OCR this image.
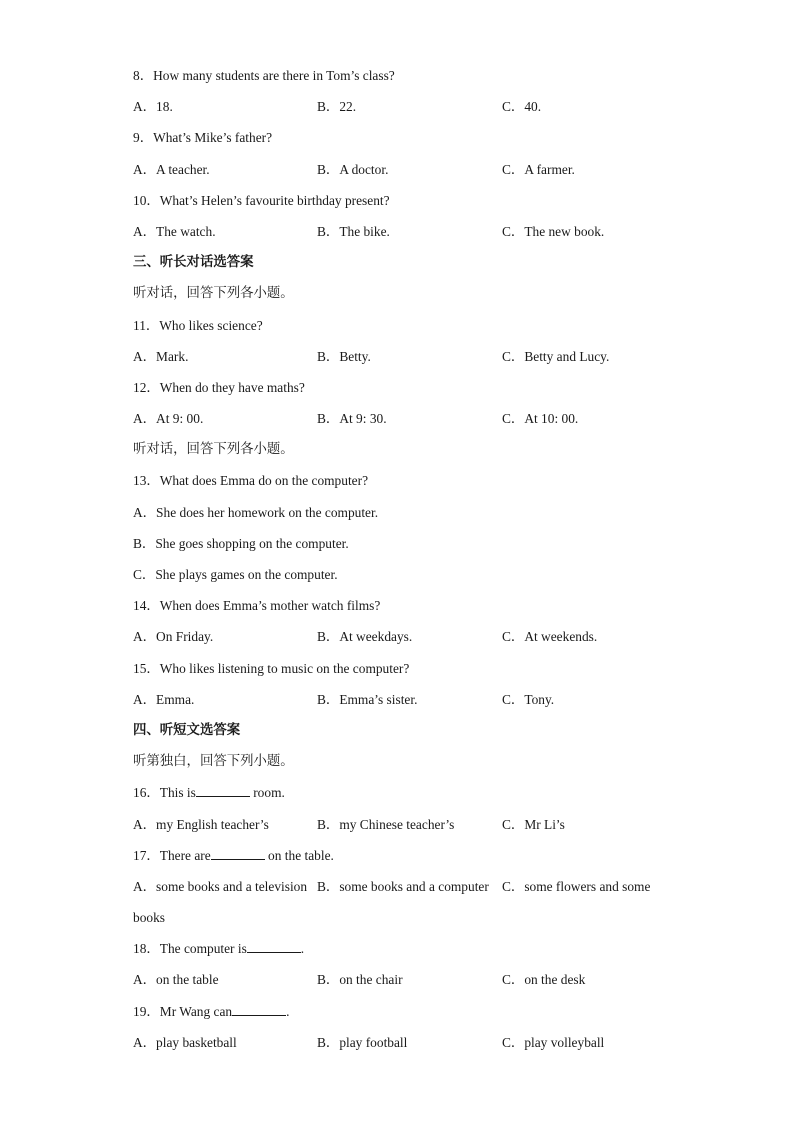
8．How many students are there in Tom’s class?
A．18.	B．22.	C．40.
9．What’s Mike’s father?
A．A teacher.	B．A doctor.	C．A farmer.
10．What’s Helen’s favourite birthday present?
A．The watch.	B．The bike.	C．The new book.
三、听长对话选答案
听对话，回答下列各小题。
11．Who likes science?
A．Mark.	B．Betty.	C．Betty and Lucy.
12．When do they have maths?
A．At 9: 00.	B．At 9: 30.	C．At 10: 00.
听对话，回答下列各小题。
13．What does Emma do on the computer?
A．She does her homework on the computer.
B．She goes shopping on the computer.
C．She plays games on the computer.
14．When does Emma’s mother watch films?
A．On Friday.	B．At weekdays.	C．At weekends.
15．Who likes listening to music on the computer?
A．Emma.	B．Emma’s sister.	C．Tony.
四、听短文选答案
听第独白，回答下列小题。
16．This is	room.
A．my English teacher’s	B．my Chinese teacher’s	C．Mr Li’s
17．There are	on the table.
A．some books and a television B．some books and a computer C．some flowers and some
books
18．The computer is	.
A．on the table	B．on the chair	C．on the desk
19．Mr Wang can	.
A．play basketball	B．play football	C．play volleyball
